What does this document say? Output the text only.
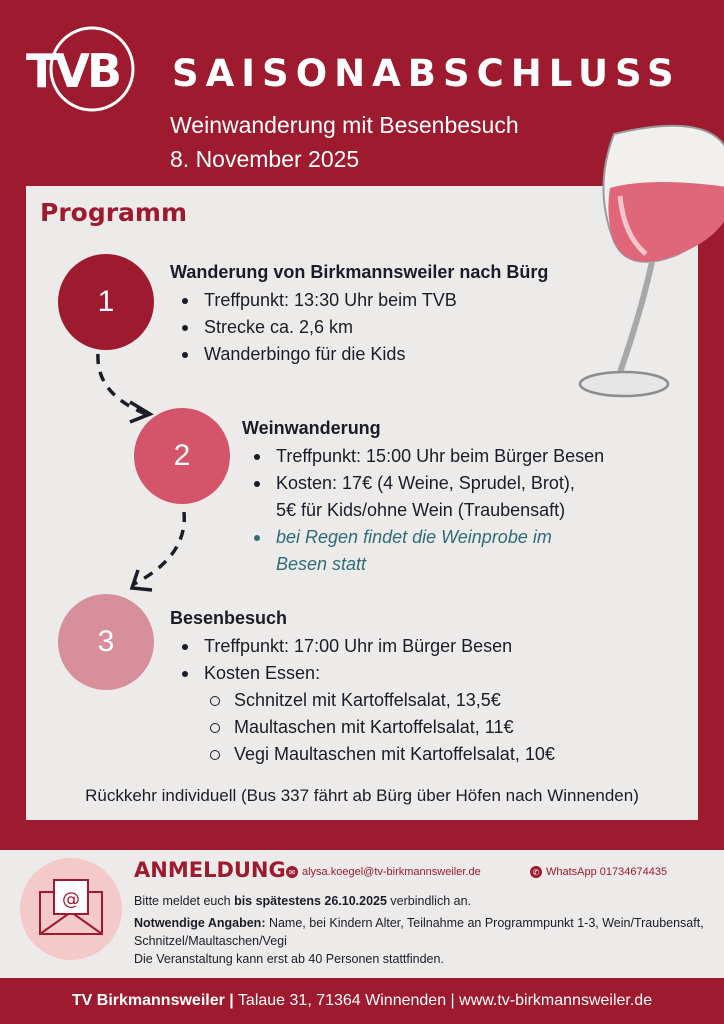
TVB SAISONABSCHLUSS
Weinwanderung mit Besenbesuch
8. November 2025
Programm
1
2
3
Wanderung von Birkmannsweiler nach Bürg
Treffpunkt: 13:30 Uhr beim TVB
Strecke ca. 2,6 km
Wanderbingo für die Kids
Weinwanderung
Treffpunkt: 15:00 Uhr beim Bürger Besen
Kosten: 17€ (4 Weine, Sprudel, Brot),
5€ für Kids/ohne Wein (Traubensaft)
bei Regen findet die Weinprobe im
Besen statt
Besenbesuch
Treffpunkt: 17:00 Uhr im Bürger Besen
Kosten Essen:
Schnitzel mit Kartoffelsalat, 13,5€
Maultaschen mit Kartoffelsalat, 11€
Vegi Maultaschen mit Kartoffelsalat, 10€
Rückkehr individuell (Bus 337 fährt ab Bürg über Höfen nach Winnenden)
@
ANMELDUNG ✉ alysa.koegel@tv-birkmannsweiler.de	✆ WhatsApp 01734674435
Bitte meldet euch bis spätestens 26.10.2025 verbindlich an.
Notwendige Angaben: Name, bei Kindern Alter, Teilnahme an Programmpunkt 1-3, Wein/Traubensaft, Schnitzel/Maultaschen/Vegi
Die Veranstaltung kann erst ab 40 Personen stattfinden.
TV Birkmannsweiler | Talaue 31, 71364 Winnenden | www.tv-birkmannsweiler.de
